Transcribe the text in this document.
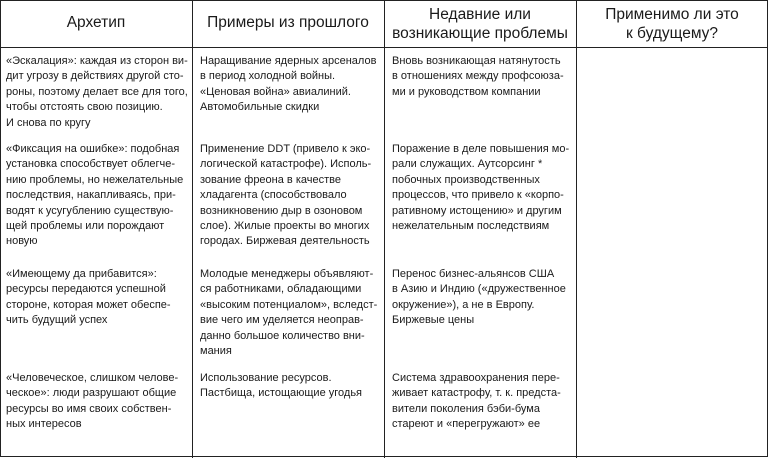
Архетип	Примеры из прошлого	Недавние или
возникающие проблемы
Применимо ли это
к будущему?
«Эскалация»: каждая из сторон ви-
дит угрозу в действиях другой сто-
роны, поэтому делает все для того,
чтобы отстоять свою позицию.
И снова по кругу
Наращивание ядерных арсеналов
в период холодной войны.
«Ценовая война» авиалиний.
Автомобильные скидки
Вновь возникающая натянутость
в отношениях между профсоюза-
ми и руководством компании
«Фиксация на ошибке»: подобная
установка способствует облегче-
нию проблемы, но нежелательные
последствия, накапливаясь, при-
водят к усугублению существую-
щей проблемы или порождают
новую
Применение DDT (привело к эко-
логической катастрофе). Исполь-
зование фреона в качестве
хладагента (способствовало
возникновению дыр в озоновом
слое). Жилые проекты во многих
городах. Биржевая деятельность
Поражение в деле повышения мо-
рали служащих. Аутсорсинг *
побочных производственных
процессов, что привело к «корпо-
ративному истощению» и другим
нежелательным последствиям
«Имеющему да прибавится»:
ресурсы передаются успешной
стороне, которая может обеспе-
чить будущий успех
Молодые менеджеры объявляют-
ся работниками, обладающими
«высоким потенциалом», вследст-
вие чего им уделяется неоправ-
данно большое количество вни-
мания
Перенос бизнес-альянсов США
в Азию и Индию («дружественное
окружение»), а не в Европу.
Биржевые цены
«Человеческое, слишком челове-
ческое»: люди разрушают общие
ресурсы во имя своих собствен-
ных интересов
Использование ресурсов.
Пастбища, истощающие угодья
Система здравоохранения пере-
живает катастрофу, т. к. предста-
вители поколения бэби-бума
стареют и «перегружают» ее
